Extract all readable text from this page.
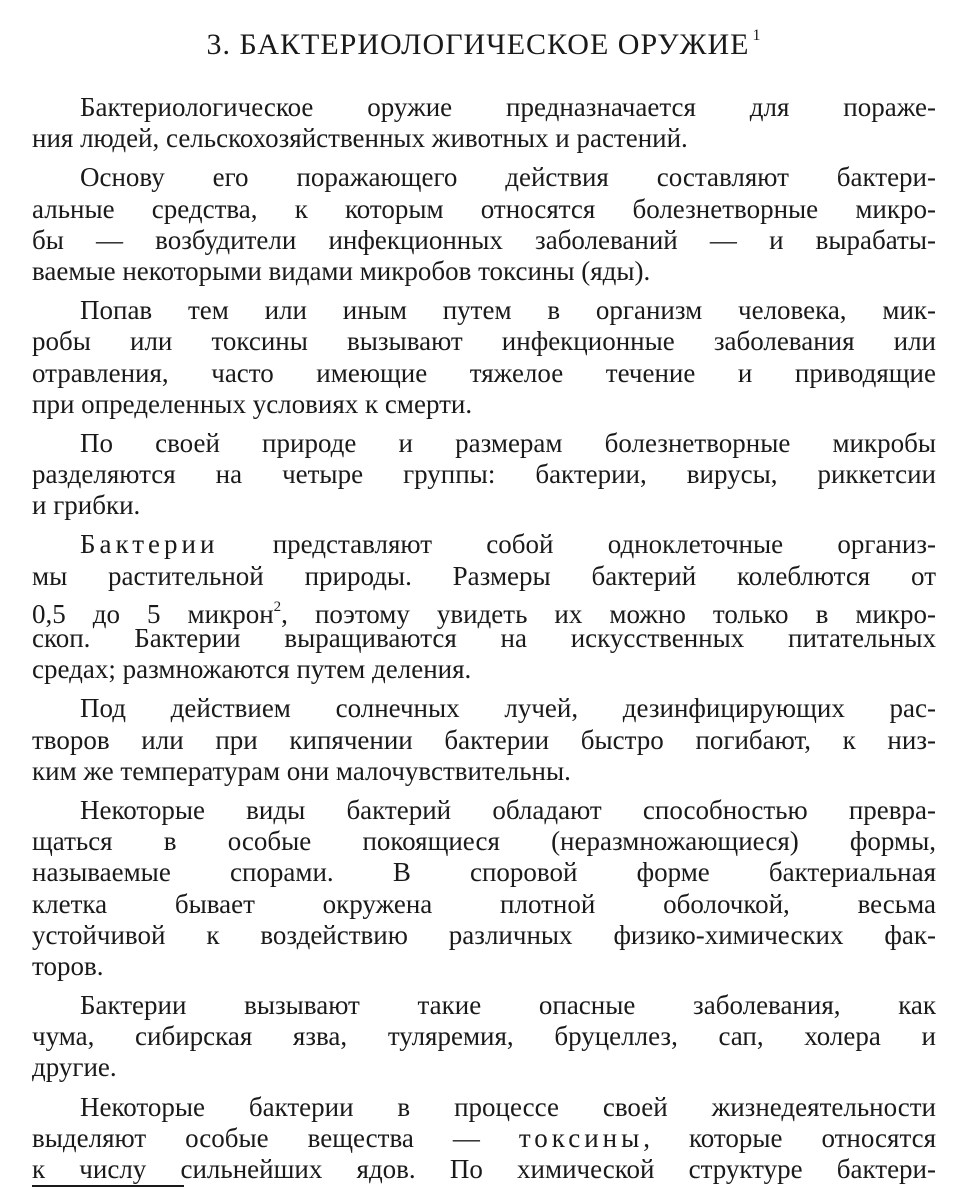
3. БАКТЕРИОЛОГИЧЕСКОЕ ОРУЖИЕ $^1$
Бактериологическое оружие предназначается для пораже-
ния людей, сельскохозяйственных животных и растений.
Основу его поражающего действия составляют бактери-
альные средства, к которым относятся болезнетворные микро-
бы — возбудители инфекционных заболеваний — и вырабаты-
ваемые некоторыми видами микробов токсины (яды).
Попав тем или иным путем в организм человека, мик-
робы или токсины вызывают инфекционные заболевания или
отравления, часто имеющие тяжелое течение и приводящие
при определенных условиях к смерти.
По своей природе и размерам болезнетворные микробы
разделяются на четыре группы: бактерии, вирусы, риккетсии
и грибки.
Бактерии представляют собой одноклеточные организ-
мы растительной природы. Размеры бактерий колеблются от
0,5 до 5 микрон$^2$, поэтому увидеть их можно только в микро-
скоп. Бактерии выращиваются на искусственных питательных
средах; размножаются путем деления.
Под действием солнечных лучей, дезинфицирующих рас-
творов или при кипячении бактерии быстро погибают, к низ-
ким же температурам они малочувствительны.
Некоторые виды бактерий обладают способностью превра-
щаться в особые покоящиеся (неразмножающиеся) формы,
называемые спорами. В споровой форме бактериальная
клетка бывает окружена плотной оболочкой, весьма
устойчивой к воздействию различных физико-химических фак-
торов.
Бактерии вызывают такие опасные заболевания, как
чума, сибирская язва, туляремия, бруцеллез, сап, холера и
другие.
Некоторые бактерии в процессе своей жизнедеятельности
выделяют особые вещества — токсины, которые относятся
к числу сильнейших ядов. По химической структуре бактери-
